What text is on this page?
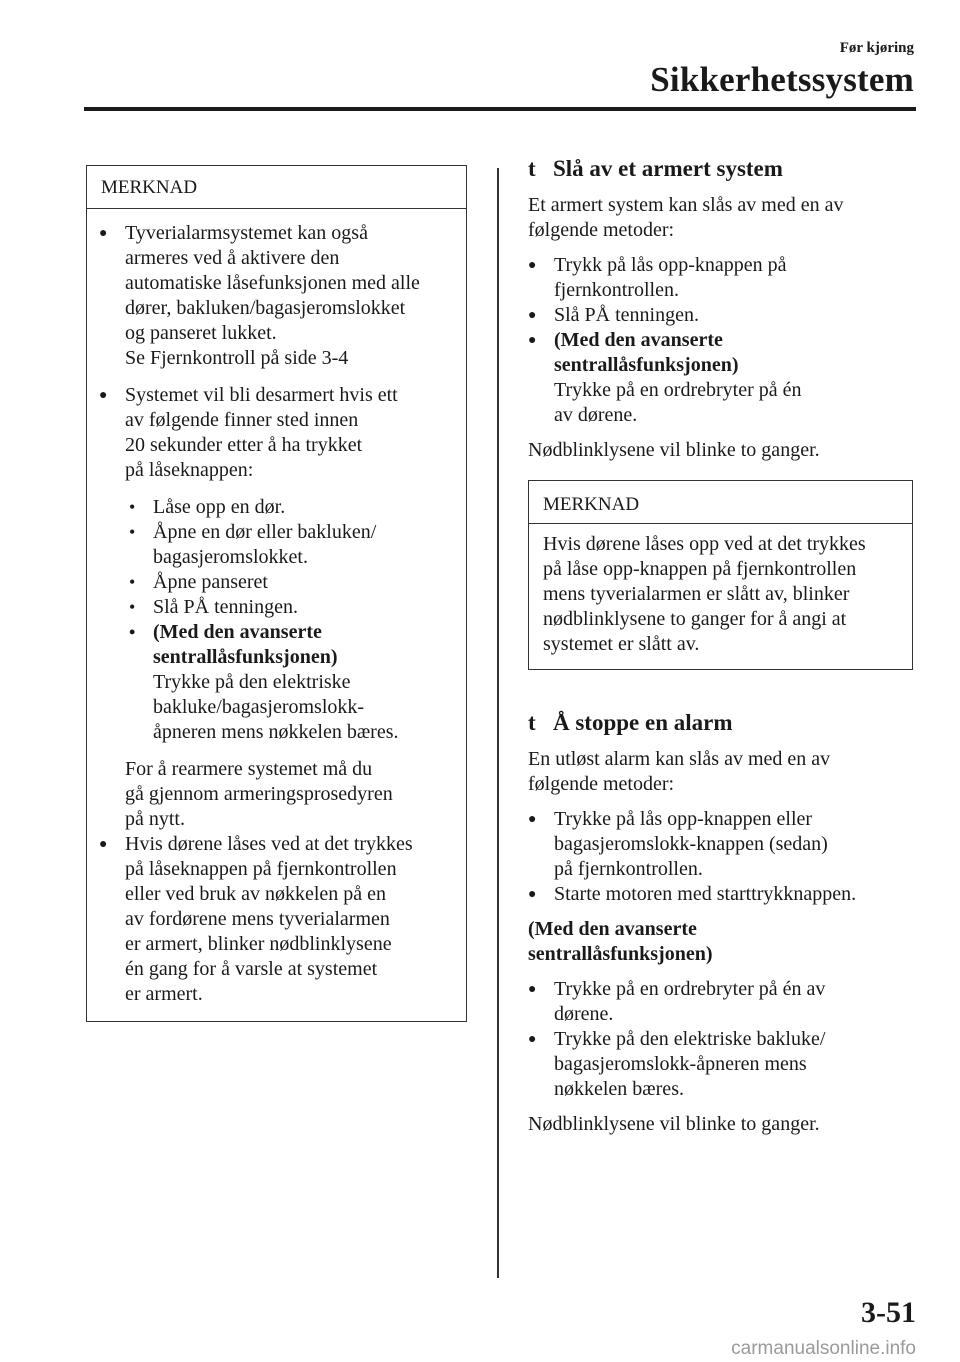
Før kjøring
Sikkerhetssystem
MERKNAD
● Tyverialarmsystemet kan også
armeres ved å aktivere den
automatiske låsefunksjonen med alle
dører, bakluken/bagasjeromslokket
og panseret lukket.
Se Fjernkontroll på side 3-4
● Systemet vil bli desarmert hvis ett
av følgende finner sted innen
20 sekunder etter å ha trykket
på låseknappen:
• Låse opp en dør.
• Åpne en dør eller bakluken/
bagasjeromslokket.
• Åpne panseret
• Slå PÅ tenningen.
• (Med den avanserte
sentrallåsfunksjonen)
Trykke på den elektriske
bakluke/bagasjeromslokk-
åpneren mens nøkkelen bæres.
For å rearmere systemet må du
gå gjennom armeringsprosedyren
på nytt.
● Hvis dørene låses ved at det trykkes
på låseknappen på fjernkontrollen
eller ved bruk av nøkkelen på en
av fordørene mens tyverialarmen
er armert, blinker nødblinklysene
én gang for å varsle at systemet
er armert.
t Slå av et armert system

Et armert system kan slås av med en av
følgende metoder:

● Trykk på lås opp-knappen på
fjernkontrollen.
● Slå PÅ tenningen.
● (Med den avanserte
sentrallåsfunksjonen)
Trykke på en ordrebryter på én
av dørene.

Nødblinklysene vil blinke to ganger.

MERKNAD
Hvis dørene låses opp ved at det trykkes
på låse opp-knappen på fjernkontrollen
mens tyverialarmen er slått av, blinker
nødblinklysene to ganger for å angi at
systemet er slått av.
t Å stoppe en alarm

En utløst alarm kan slås av med en av
følgende metoder:

● Trykke på lås opp-knappen eller
bagasjeromslokk-knappen (sedan)
på fjernkontrollen.
● Starte motoren med starttrykknappen.

(Med den avanserte
sentrallåsfunksjonen)

● Trykke på en ordrebryter på én av
dørene.
● Trykke på den elektriske bakluke/
bagasjeromslokk-åpneren mens
nøkkelen bæres.

Nødblinklysene vil blinke to ganger.

3-51
carmanualsonline.info
